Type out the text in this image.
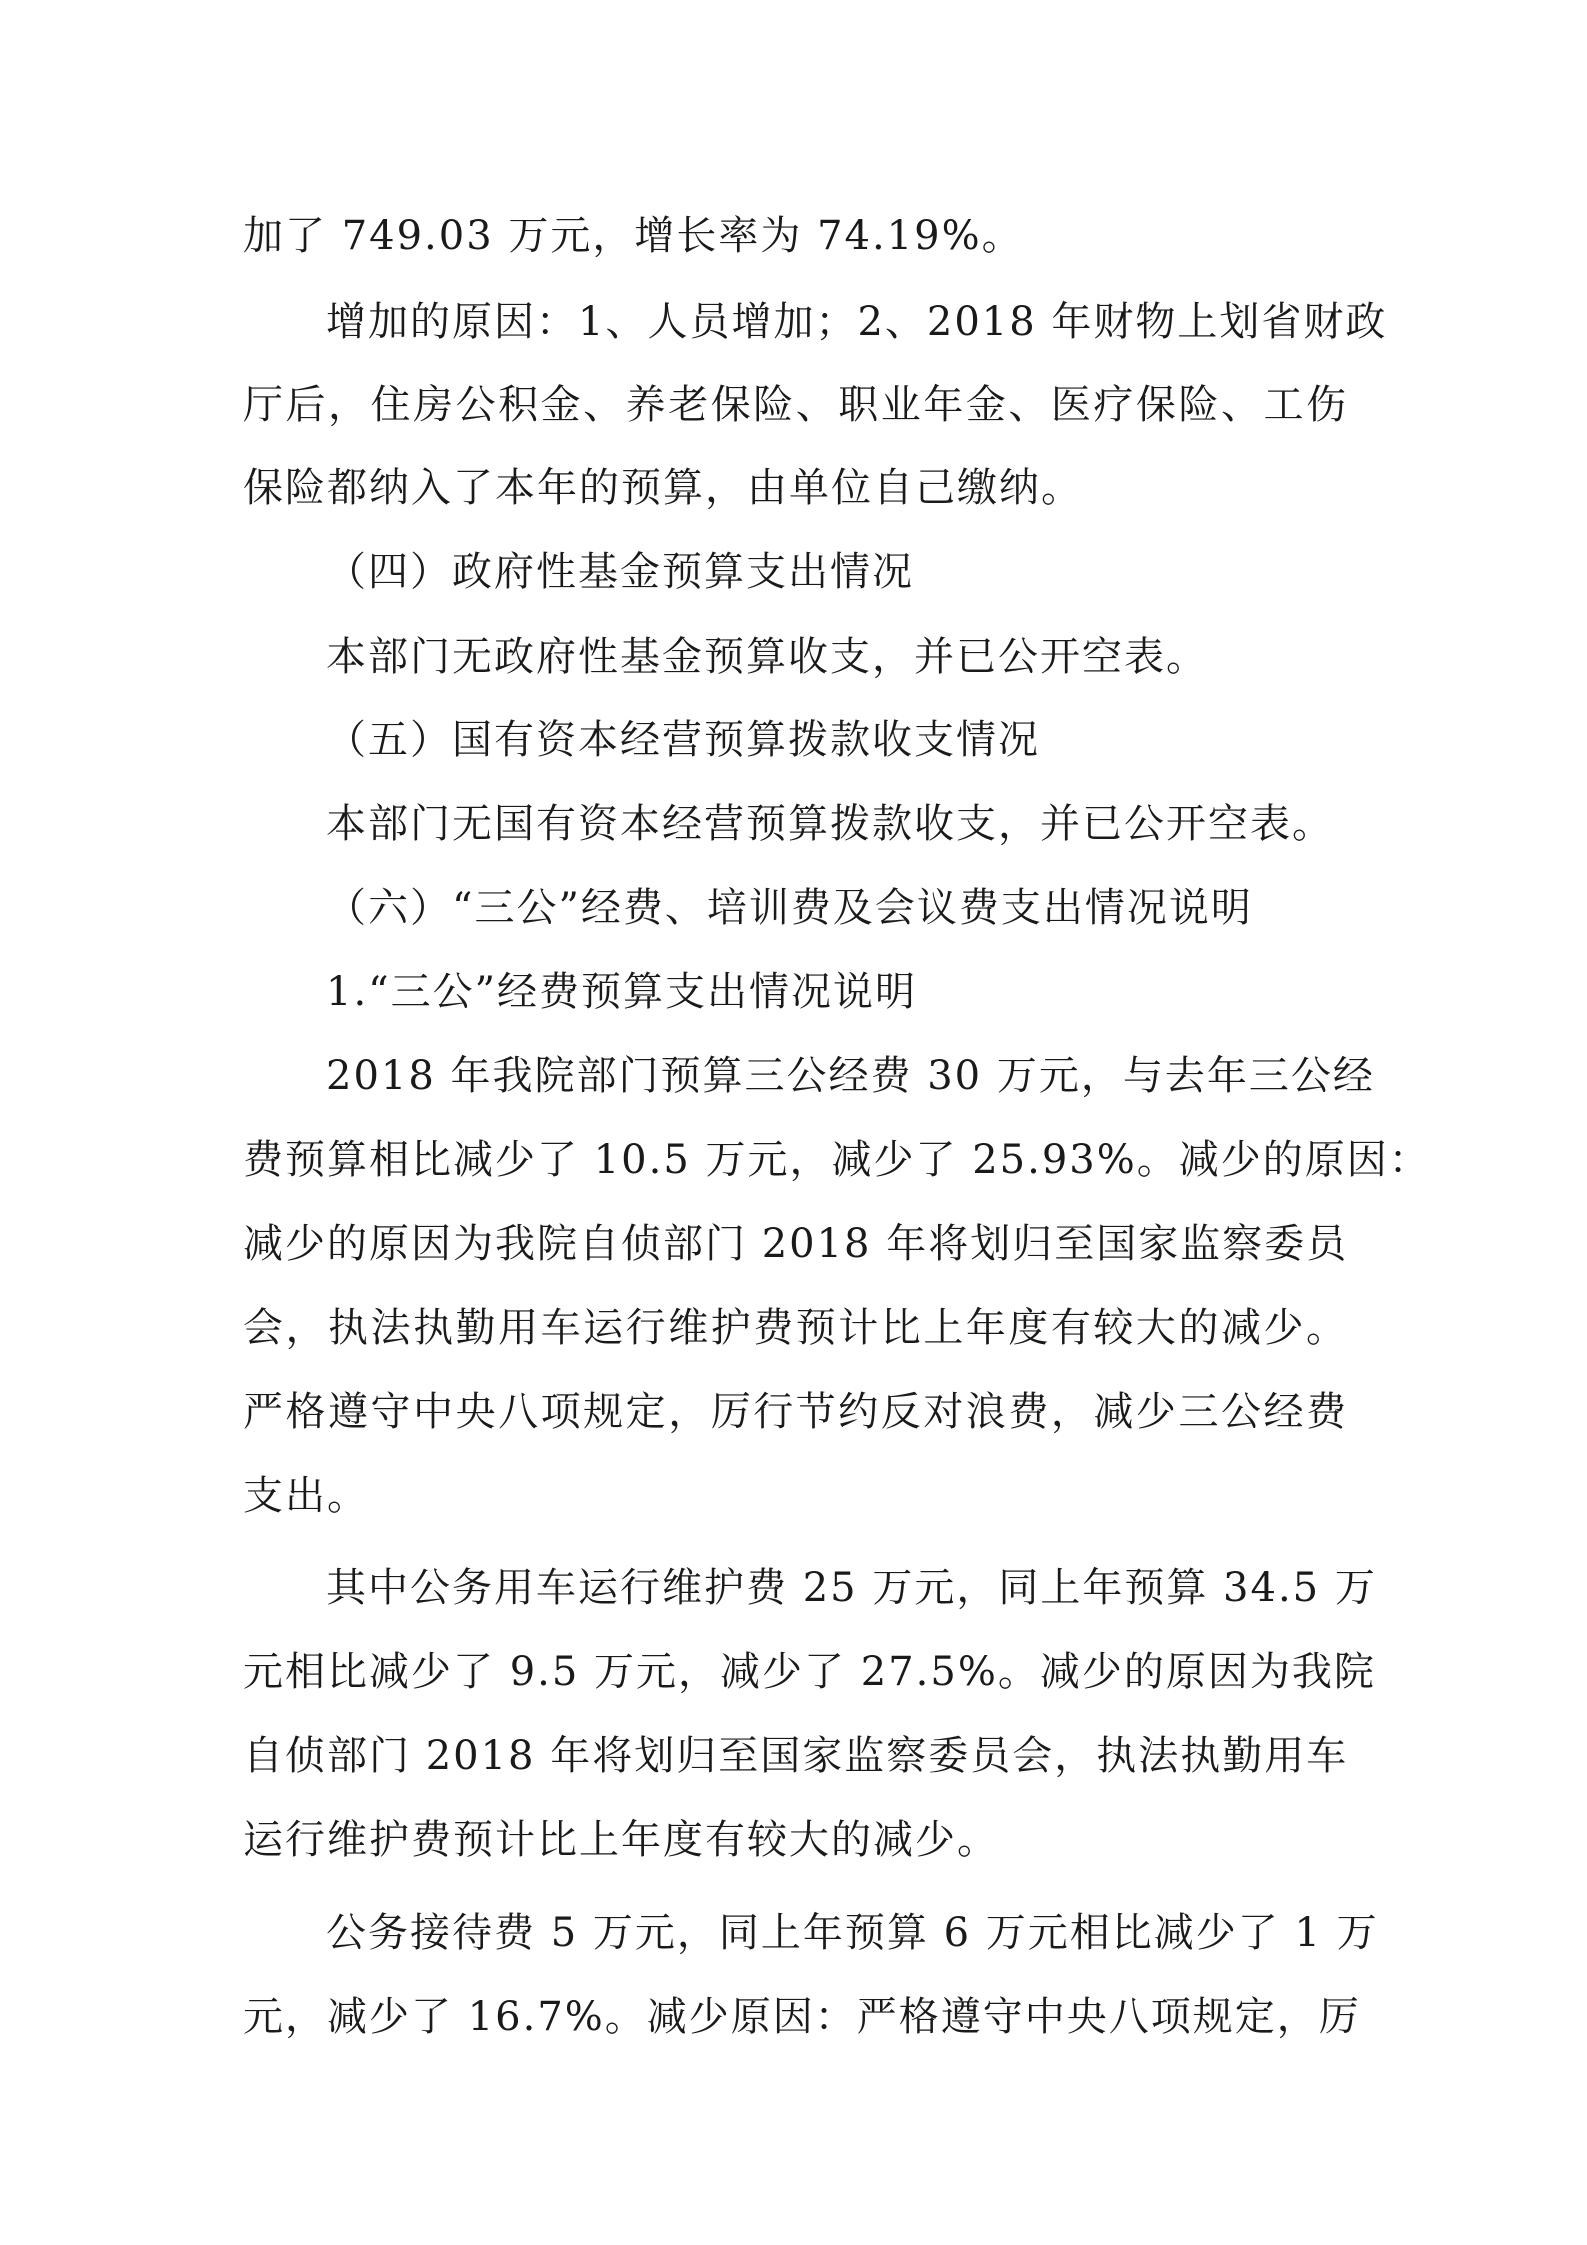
加了 749.03 万元，增长率为 74.19%。

增加的原因：1、人员增加；2、2018 年财物上划省财政

厅后，住房公积金、养老保险、职业年金、医疗保险、工伤

保险都纳入了本年的预算，由单位自己缴纳。

（四）政府性基金预算支出情况

本部门无政府性基金预算收支，并已公开空表。

（五）国有资本经营预算拨款收支情况

本部门无国有资本经营预算拨款收支，并已公开空表。

（六）“三公”经费、培训费及会议费支出情况说明

1.“三公”经费预算支出情况说明

2018 年我院部门预算三公经费 30 万元，与去年三公经

费预算相比减少了 10.5 万元，减少了 25.93%。减少的原因：

减少的原因为我院自侦部门 2018 年将划归至国家监察委员

会，执法执勤用车运行维护费预计比上年度有较大的减少。

严格遵守中央八项规定，厉行节约反对浪费，减少三公经费

支出。

其中公务用车运行维护费 25 万元，同上年预算 34.5 万

元相比减少了 9.5 万元，减少了 27.5%。减少的原因为我院

自侦部门 2018 年将划归至国家监察委员会，执法执勤用车

运行维护费预计比上年度有较大的减少。

公务接待费 5 万元，同上年预算 6 万元相比减少了 1 万

元，减少了 16.7%。减少原因：严格遵守中央八项规定，厉
